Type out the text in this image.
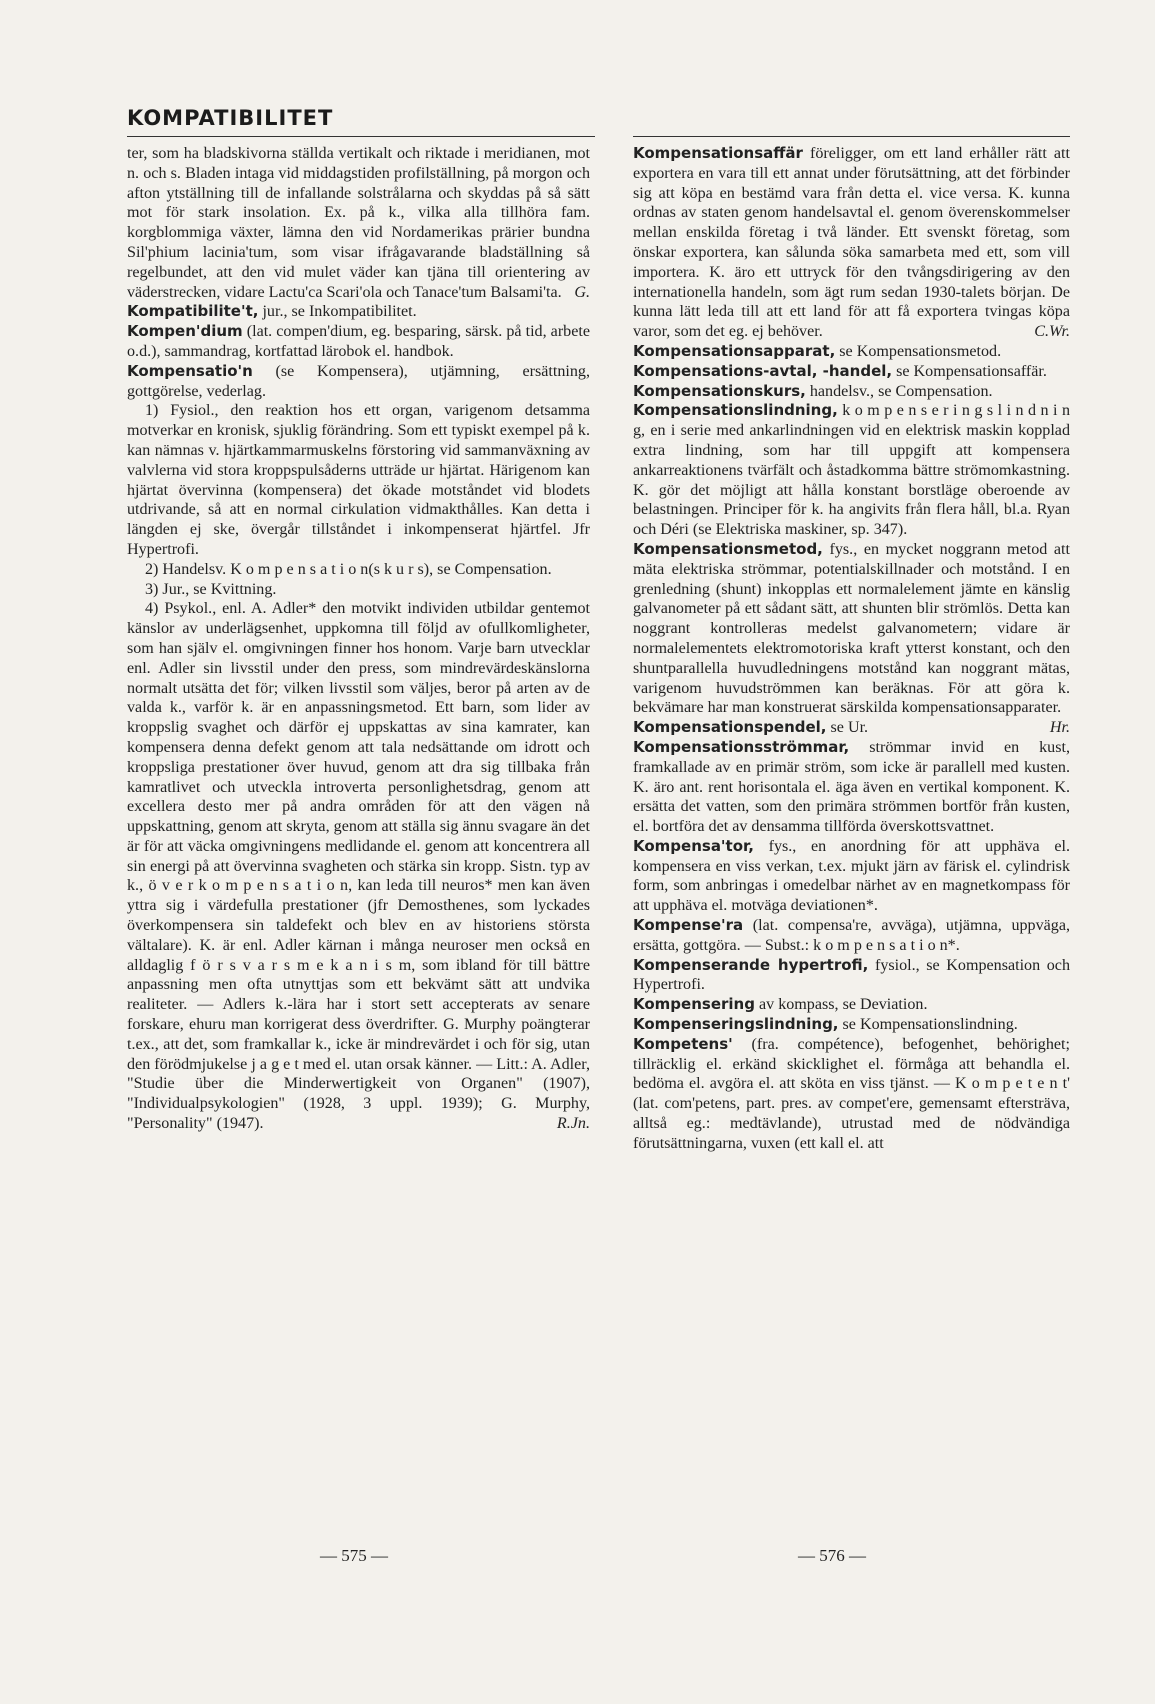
KOMPATIBILITET

ter, som ha bladskivorna ställda vertikalt och riktade i meridianen, mot n. och s. Bladen intaga vid middagstiden profilställning, på morgon och afton ytställning till de infallande solstrålarna och skyddas på så sätt mot för stark insolation. Ex. på k., vilka alla tillhöra fam. korgblommiga växter, lämna den vid Nordamerikas prärier bundna Sil'phium lacinia'tum, som visar ifrågavarande bladställning så regelbundet, att den vid mulet väder kan tjäna till orientering av väderstrecken, vidare Lactu'ca Scari'ola och Tanace'tum Balsami'ta. G.

Kompatibilite't, jur., se Inkompatibilitet.

Kompen'dium (lat. compen'dium, eg. besparing, särsk. på tid, arbete o.d.), sammandrag, kortfattad lärobok el. handbok.

Kompensatio'n (se Kompensera), utjämning, ersättning, gottgörelse, vederlag.

1) Fysiol., den reaktion hos ett organ, varigenom detsamma motverkar en kronisk, sjuklig förändring. Som ett typiskt exempel på k. kan nämnas v. hjärtkammarmuskelns förstoring vid sammanväxning av valvlerna vid stora kroppspulsåderns utträde ur hjärtat. Härigenom kan hjärtat övervinna (kompensera) det ökade motståndet vid blodets utdrivande, så att en normal cirkulation vidmakthålles. Kan detta i längden ej ske, övergår tillståndet i inkompenserat hjärtfel. Jfr Hypertrofi.

2) Handelsv. K o m p e n s a t i o n(s k u r s), se Compensation.

3) Jur., se Kvittning.

4) Psykol., enl. A. Adler* den motvikt individen utbildar gentemot känslor av underlägsenhet, uppkomna till följd av ofullkomligheter, som han själv el. omgivningen finner hos honom. Varje barn utvecklar enl. Adler sin livsstil under den press, som mindrevärdeskänslorna normalt utsätta det för; vilken livsstil som väljes, beror på arten av de valda k., varför k. är en anpassningsmetod. Ett barn, som lider av kroppslig svaghet och därför ej uppskattas av sina kamrater, kan kompensera denna defekt genom att tala nedsättande om idrott och kroppsliga prestationer över huvud, genom att dra sig tillbaka från kamratlivet och utveckla introverta personlighetsdrag, genom att excellera desto mer på andra områden för att den vägen nå uppskattning, genom att skryta, genom att ställa sig ännu svagare än det är för att väcka omgivningens medlidande el. genom att koncentrera all sin energi på att övervinna svagheten och stärka sin kropp. Sistn. typ av k., ö v e r k o m p e n s a t i o n, kan leda till neuros* men kan även yttra sig i värdefulla prestationer (jfr Demosthenes, som lyckades överkompensera sin taldefekt och blev en av historiens största vältalare). K. är enl. Adler kärnan i många neuroser men också en alldaglig f ö r s v a r s m e k a n i s m, som ibland för till bättre anpassning men ofta utnyttjas som ett bekvämt sätt att undvika realiteter. — Adlers k.-lära har i stort sett accepterats av senare forskare, ehuru man korrigerat dess överdrifter. G. Murphy poängterar t.ex., att det, som framkallar k., icke är mindrevärdet i och för sig, utan den förödmjukelse j a g e t med el. utan orsak känner. — Litt.: A. Adler, "Studie über die Minderwertigkeit von Organen" (1907), "Individualpsykologien" (1928, 3 uppl. 1939); G. Murphy, "Personality" (1947).	R.Jn.

Kompensationsaffär föreligger, om ett land erhåller rätt att exportera en vara till ett annat under förutsättning, att det förbinder sig att köpa en bestämd vara från detta el. vice versa. K. kunna ordnas av staten genom handelsavtal el. genom överenskommelser mellan enskilda företag i två länder. Ett svenskt företag, som önskar exportera, kan sålunda söka samarbeta med ett, som vill importera. K. äro ett uttryck för den tvångsdirigering av den internationella handeln, som ägt rum sedan 1930-talets början. De kunna lätt leda till att ett land för att få exportera tvingas köpa varor, som det eg. ej behöver.	C.Wr.

Kompensationsapparat, se Kompensationsmetod.

Kompensations-avtal, -handel, se Kompensationsaffär.

Kompensationskurs, handelsv., se Compensation.

Kompensationslindning, k o m p e n s e r i n g s l i n d n i n g, en i serie med ankarlindningen vid en elektrisk maskin kopplad extra lindning, som har till uppgift att kompensera ankarreaktionens tvärfält och åstadkomma bättre strömomkastning. K. gör det möjligt att hålla konstant borstläge oberoende av belastningen. Principer för k. ha angivits från flera håll, bl.a. Ryan och Déri (se Elektriska maskiner, sp. 347).

Kompensationsmetod, fys., en mycket noggrann metod att mäta elektriska strömmar, potentialskillnader och motstånd. I en grenledning (shunt) inkopplas ett normalelement jämte en känslig galvanometer på ett sådant sätt, att shunten blir strömlös. Detta kan noggrant kontrolleras medelst galvanometern; vidare är normalelementets elektromotoriska kraft ytterst konstant, och den shuntparallella huvudledningens motstånd kan noggrant mätas, varigenom huvudströmmen kan beräknas. För att göra k. bekvämare har man konstruerat särskilda kompensationsapparater.
Hr.

Kompensationspendel, se Ur.

Kompensationsströmmar, strömmar invid en kust, framkallade av en primär ström, som icke är parallell med kusten. K. äro ant. rent horisontala el. äga även en vertikal komponent. K. ersätta det vatten, som den primära strömmen bortför från kusten, el. bortföra det av densamma tillförda överskottsvattnet.

Kompensa'tor, fys., en anordning för att upphäva el. kompensera en viss verkan, t.ex. mjukt järn av färisk el. cylindrisk form, som anbringas i omedelbar närhet av en magnetkompass för att upphäva el. motväga deviationen*.

Kompense'ra (lat. compensa're, avväga), utjämna, uppväga, ersätta, gottgöra. — Subst.: k o m p e n s a t i o n*.

Kompenserande hypertrofi, fysiol., se Kompensation och Hypertrofi.

Kompensering av kompass, se Deviation.

Kompenseringslindning, se Kompensationslindning.

Kompetens' (fra. compétence), befogenhet, behörighet; tillräcklig el. erkänd skicklighet el. förmåga att behandla el. bedöma el. avgöra el. att sköta en viss tjänst. — K o m p e t e n t' (lat. com'petens, part. pres. av compet'ere, gemensamt eftersträva, alltså eg.: medtävlande), utrustad med de nödvändiga förutsättningarna, vuxen (ett kall el. att

— 575 —	— 576 —
